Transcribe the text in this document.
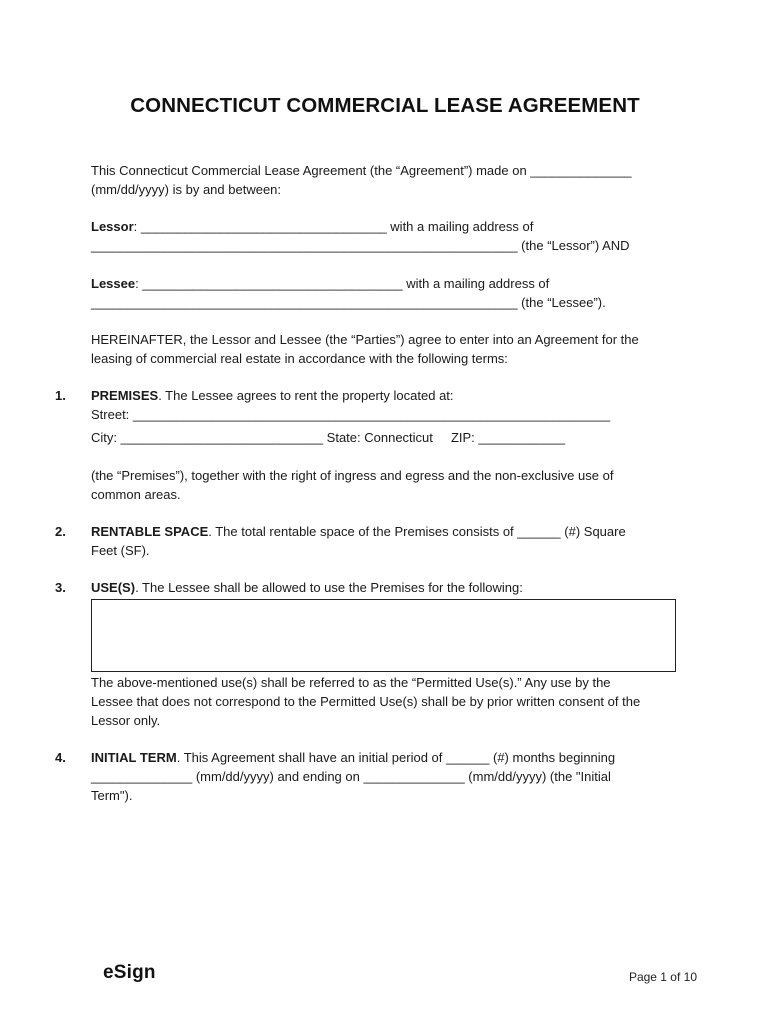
CONNECTICUT COMMERCIAL LEASE AGREEMENT
This Connecticut Commercial Lease Agreement (the “Agreement”) made on ______________
(mm/dd/yyyy) is by and between:
Lessor: __________________________________ with a mailing address of
___________________________________________________________ (the “Lessor”) AND
Lessee: ____________________________________ with a mailing address of
___________________________________________________________ (the “Lessee”).
HEREINAFTER, the Lessor and Lessee (the “Parties”) agree to enter into an Agreement for the
leasing of commercial real estate in accordance with the following terms:
1. PREMISES. The Lessee agrees to rent the property located at:
Street: __________________________________________________________________
City: ____________________________ State: Connecticut     ZIP: ____________
(the “Premises”), together with the right of ingress and egress and the non-exclusive use of
common areas.
2. RENTABLE SPACE. The total rentable space of the Premises consists of ______ (#) Square
Feet (SF).
3. USE(S). The Lessee shall be allowed to use the Premises for the following:
The above-mentioned use(s) shall be referred to as the “Permitted Use(s).” Any use by the
Lessee that does not correspond to the Permitted Use(s) shall be by prior written consent of the
Lessor only.
4. INITIAL TERM. This Agreement shall have an initial period of ______ (#) months beginning
______________ (mm/dd/yyyy) and ending on ______________ (mm/dd/yyyy) (the "Initial
Term").
eSign	Page 1 of 10
